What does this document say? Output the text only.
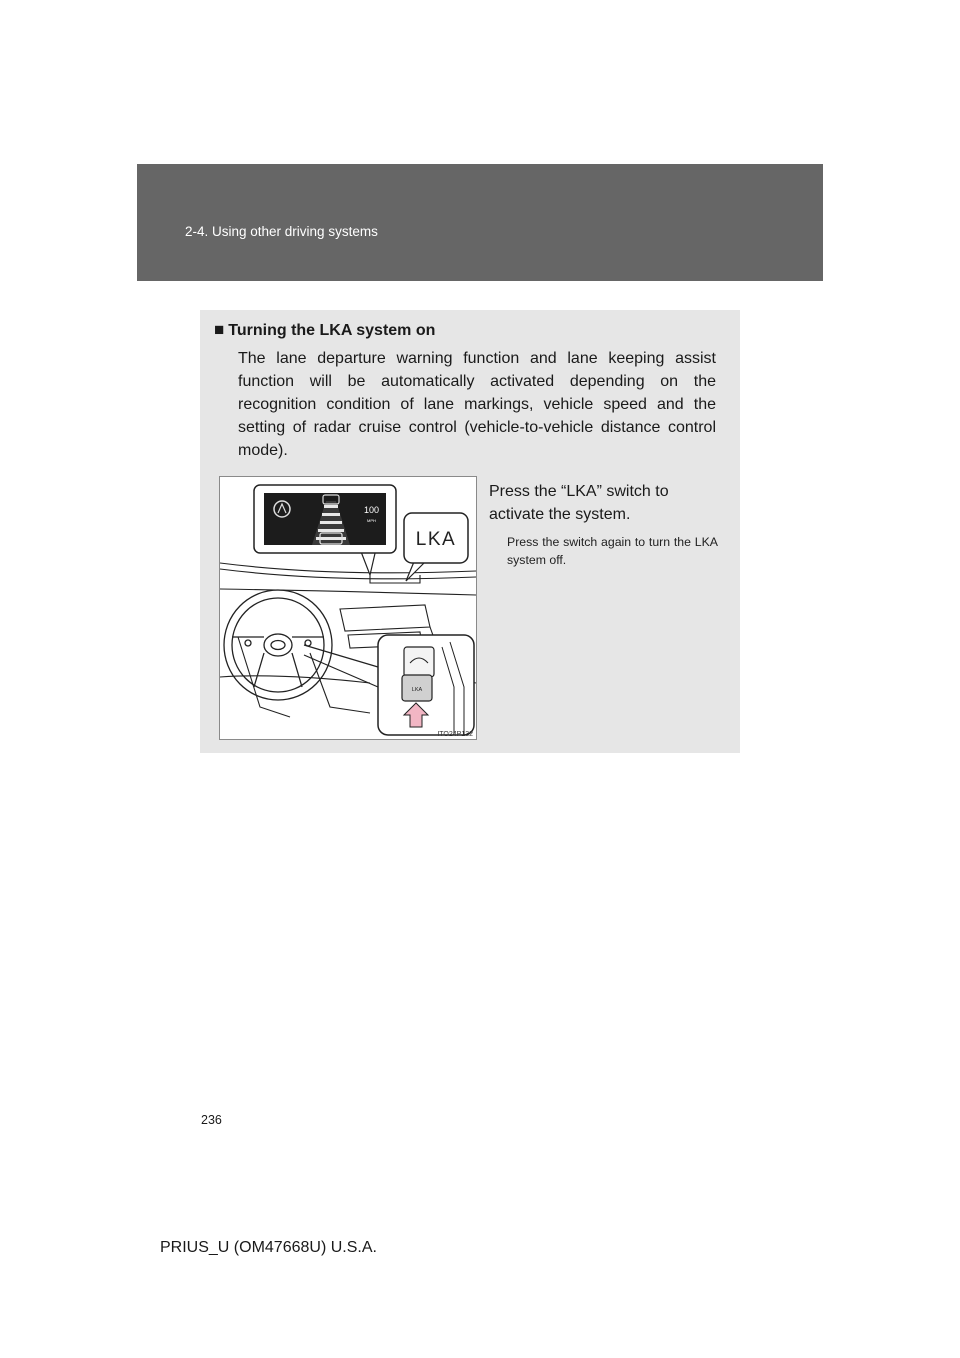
2-4. Using other driving systems
■ Turning the LKA system on
The lane departure warning function and lane keeping assist function will be automatically activated depending on the recognition condition of lane markings, vehicle speed and the setting of radar cruise control (vehicle-to-vehicle distance control mode).
100
MPH
LKA
LKA
ITO24P132
Press the “LKA” switch to activate the system.
Press the switch again to turn the LKA system off.
236
PRIUS_U (OM47668U) U.S.A.
